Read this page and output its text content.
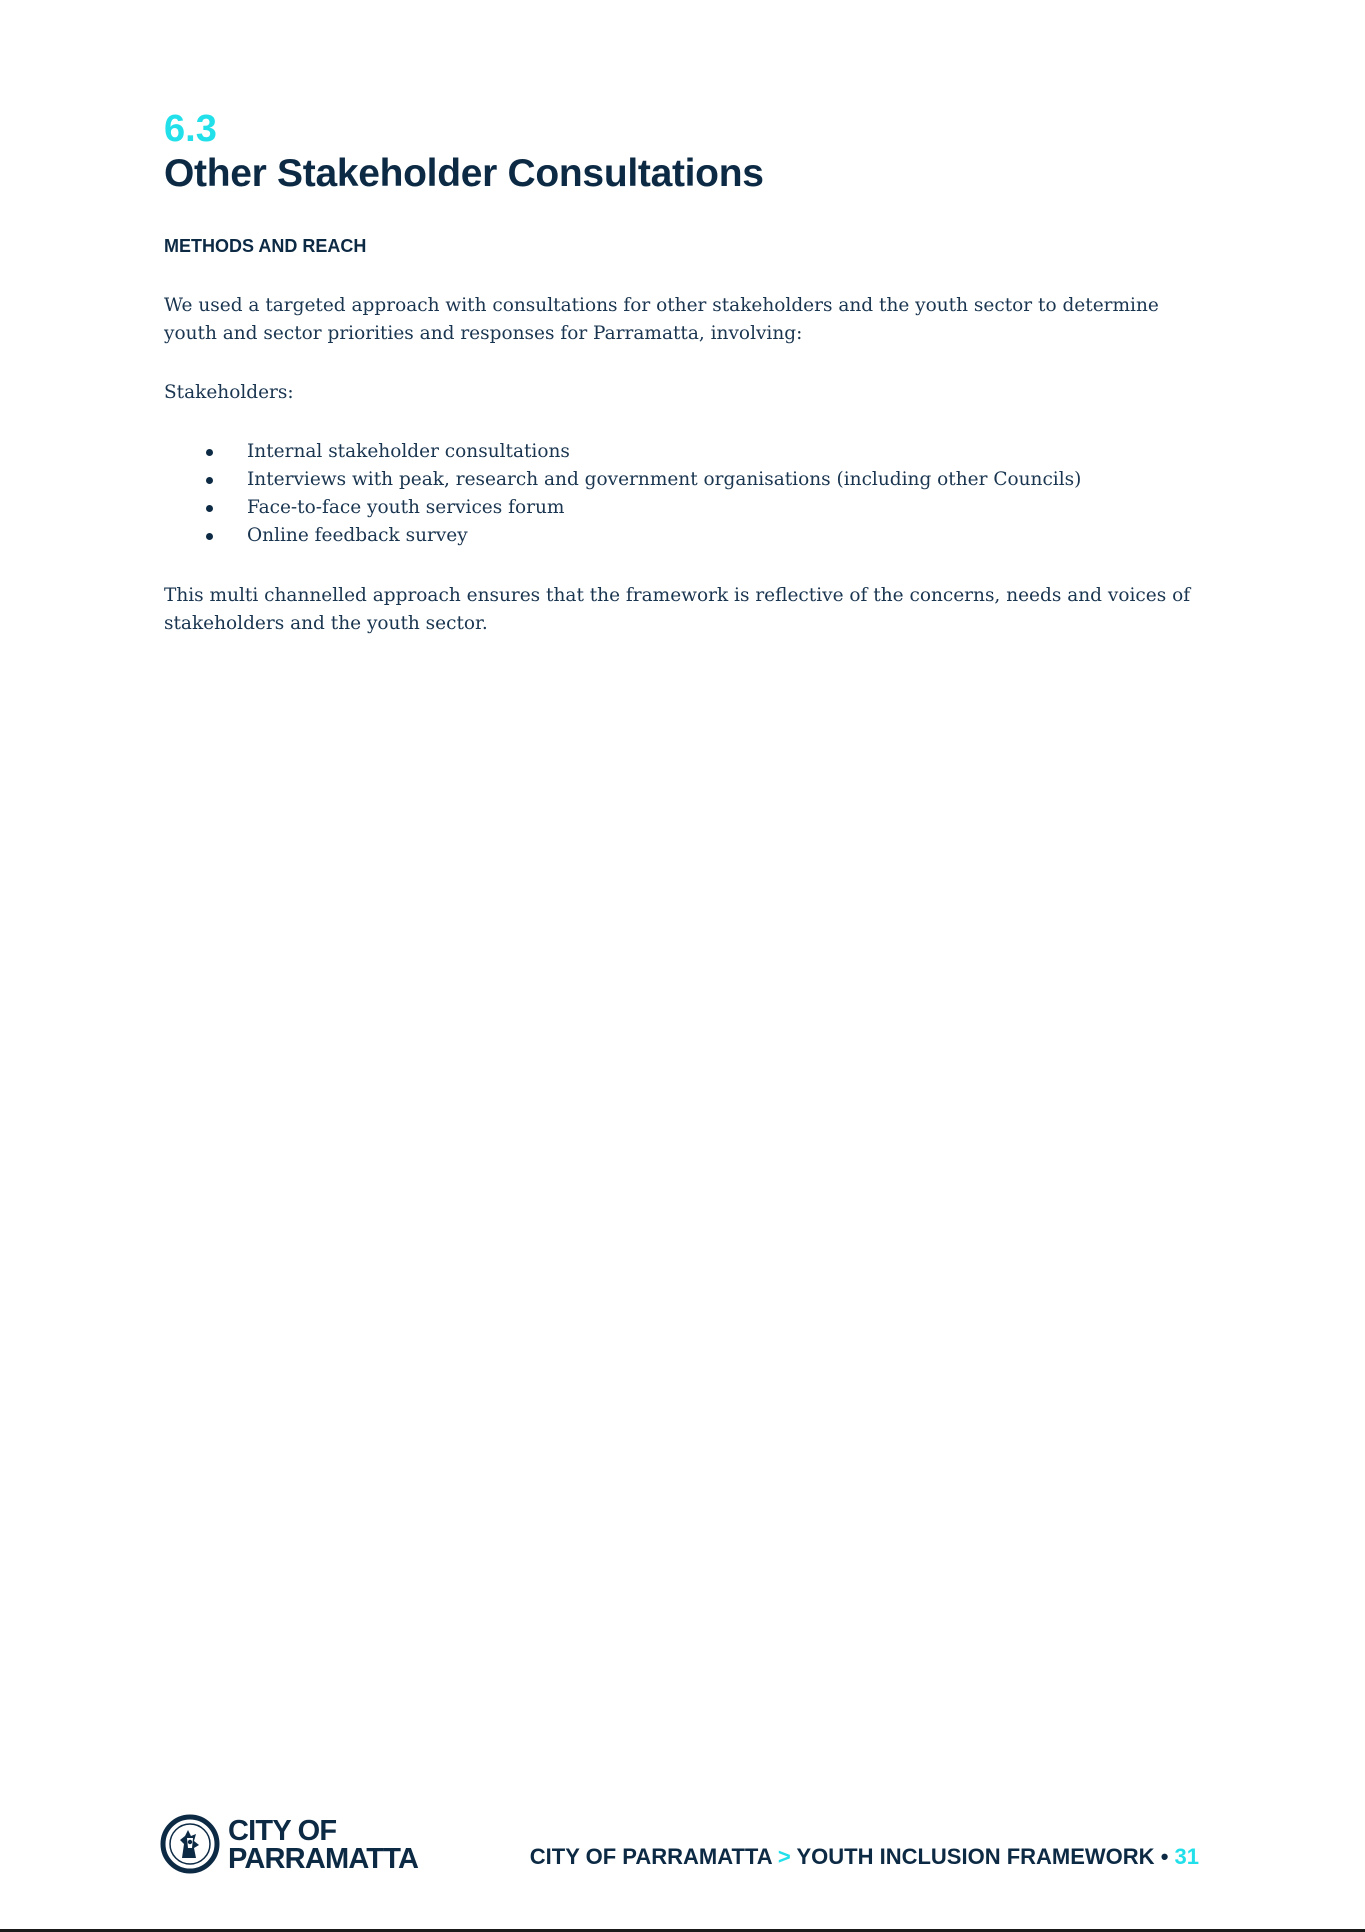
6.3
Other Stakeholder Consultations
METHODS AND REACH

We used a targeted approach with consultations for other stakeholders and the youth sector to determine youth and sector priorities and responses for Parramatta, involving:

Stakeholders:

Internal stakeholder consultations
Interviews with peak, research and government organisations (including other Councils)
Face-to-face youth services forum
Online feedback survey

This multi channelled approach ensures that the framework is reflective of the concerns, needs and voices of stakeholders and the youth sector.

CITY OF
PARRAMATTA	CITY OF PARRAMATTA > YOUTH INCLUSION FRAMEWORK • 31
